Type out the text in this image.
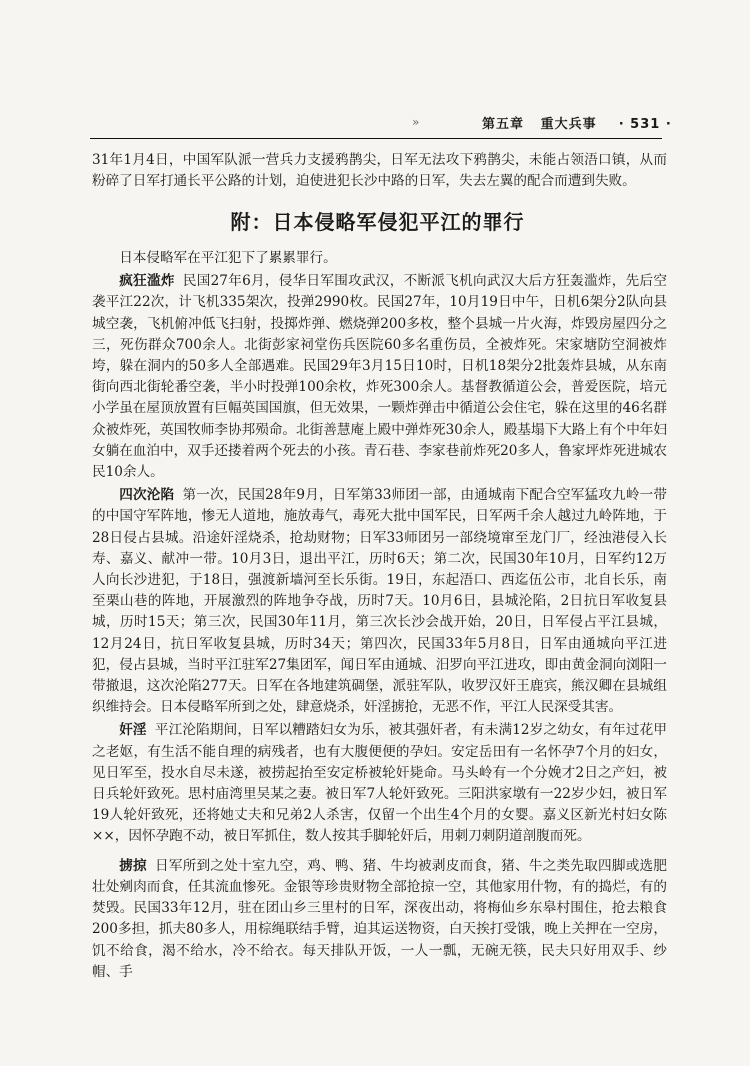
»	第五章 重大兵事 · 531 ·
31年1月4日，中国军队派一营兵力支援鸦鹊尖，日军无法攻下鸦鹊尖，未能占领浯口镇，从而粉碎了日军打通长平公路的计划，迫使进犯长沙中路的日军，失去左翼的配合而遭到失败。
附：日本侵略军侵犯平江的罪行

日本侵略军在平江犯下了累累罪行。

疯狂滥炸 民国27年6月，侵华日军围攻武汉，不断派飞机向武汉大后方狂轰滥炸，先后空袭平江22次，计飞机335架次，投弹2990枚。民国27年，10月19日中午，日机6架分2队向县城空袭，飞机俯冲低飞扫射，投掷炸弹、燃烧弹200多枚，整个县城一片火海，炸毁房屋四分之三，死伤群众700余人。北街彭家祠堂伤兵医院60多名重伤员，全被炸死。宋家塘防空洞被炸垮，躲在洞内的50多人全部遇难。民国29年3月15日10时，日机18架分2批轰炸县城，从东南街向西北街轮番空袭，半小时投弹100余枚，炸死300余人。基督教循道公会，普爱医院，培元小学虽在屋顶放置有巨幅英国国旗，但无效果，一颗炸弹击中循道公会住宅，躲在这里的46名群众被炸死，英国牧师李协邦殒命。北街善慧庵上殿中弹炸死30余人，殿基塌下大路上有个中年妇女躺在血泊中，双手还搂着两个死去的小孩。青石巷、李家巷前炸死20多人，鲁家坪炸死进城农民10余人。

四次沦陷 第一次，民国28年9月，日军第33师团一部，由通城南下配合空军猛攻九岭一带的中国守军阵地，惨无人道地，施放毒气，毒死大批中国军民，日军两千余人越过九岭阵地，于28日侵占县城。沿途奸淫烧杀，抢劫财物；日军33师团另一部绕境窜至龙门厂，经浊港侵入长寿、嘉义、献冲一带。10月3日，退出平江，历时6天；第二次，民国30年10月，日军约12万人向长沙进犯，于18日，强渡新墙河至长乐街。19日，东起浯口、西迄伍公市，北自长乐，南至栗山巷的阵地，开展激烈的阵地争夺战，历时7天。10月6日，县城沦陷，2日抗日军收复县城，历时15天；第三次，民国30年11月，第三次长沙会战开始，20日，日军侵占平江县城，12月24日，抗日军收复县城，历时34天；第四次，民国33年5月8日，日军由通城向平江进犯，侵占县城，当时平江驻军27集团军，闻日军由通城、汨罗向平江进攻，即由黄金洞向浏阳一带撤退，这次沦陷277天。日军在各地建筑碉堡，派驻军队，收罗汉奸王鹿宾，熊汉卿在县城组织维持会。日本侵略军所到之处，肆意烧杀，奸淫掳抢，无恶不作，平江人民深受其害。

奸淫 平江沦陷期间，日军以糟踏妇女为乐，被其强奸者，有未满12岁之幼女，有年过花甲之老妪，有生活不能自理的病残者，也有大腹便便的孕妇。安定岳田有一名怀孕7个月的妇女，见日军至，投水自尽未遂，被捞起抬至安定桥被轮奸毙命。马头岭有一个分娩才2日之产妇，被日兵轮奸致死。思村庙湾里吴某之妻。被日军7人轮奸致死。三阳洪家墩有一22岁少妇，被日军19人轮奸致死，还将她丈夫和兄弟2人杀害，仅留一个出生4个月的女婴。嘉义区新光村妇女陈××，因怀孕跑不动，被日军抓住，数人按其手脚轮奸后，用刺刀刺阴道剖腹而死。

掳掠 日军所到之处十室九空，鸡、鸭、猪、牛均被剥皮而食，猪、牛之类先取四脚或选肥壮处剜肉而食，任其流血惨死。金银等珍贵财物全部抢掠一空，其他家用什物，有的捣烂，有的焚毁。民国33年12月，驻在团山乡三里村的日军，深夜出动，将梅仙乡东皋村围住，抢去粮食200多担，抓夫80多人，用棕绳联结手臂，迫其运送物资，白天挨打受饿，晚上关押在一空房，饥不给食，渴不给水，冷不给衣。每天排队开饭，一人一瓢，无碗无筷，民夫只好用双手、纱帽、手
